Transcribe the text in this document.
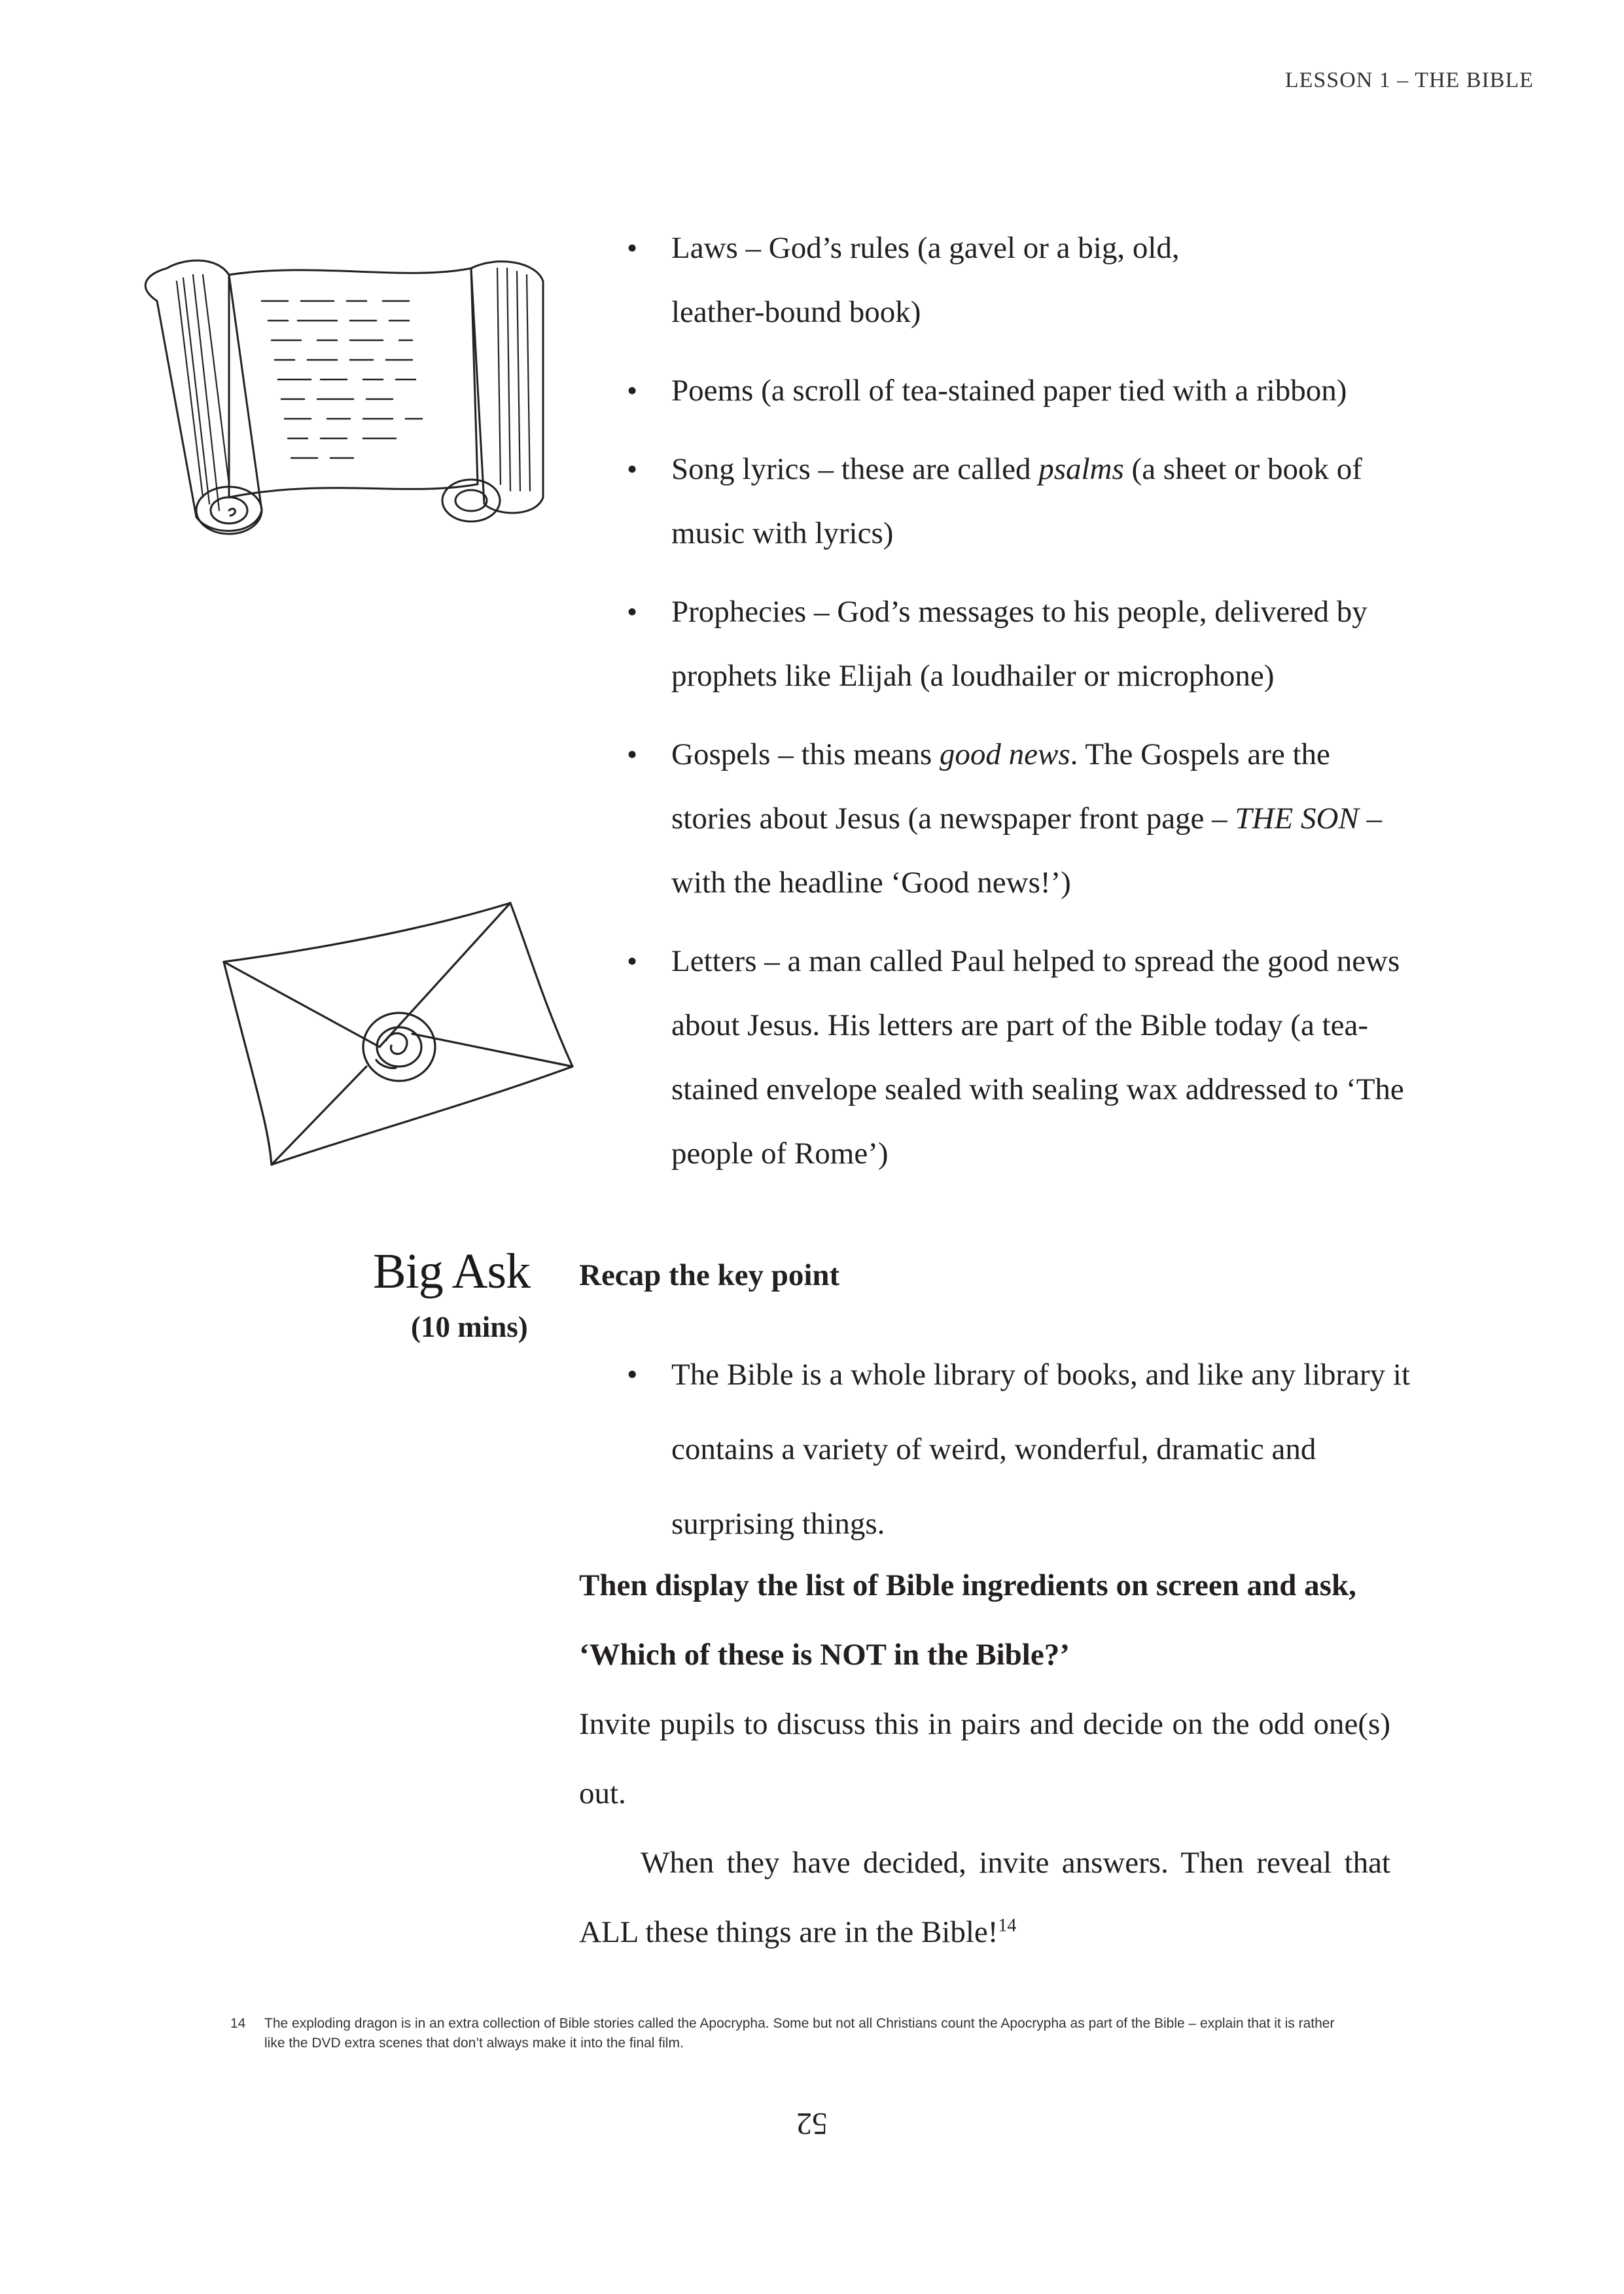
LESSON 1 – THE BIBLE
• Laws – God’s rules (a gavel or a big, old,
leather-bound book)
• Poems (a scroll of tea-stained paper tied with a ribbon)
• Song lyrics – these are called psalms (a sheet or book of music with lyrics)
• Prophecies – God’s messages to his people, delivered by prophets like Elijah (a loudhailer or microphone)
• Gospels – this means good news. The Gospels are the stories about Jesus (a newspaper front page – THE SON – with the headline ‘Good news!’)
• Letters – a man called Paul helped to spread the good news about Jesus. His letters are part of the Bible today (a tea-stained envelope sealed with sealing wax addressed to ‘The people of Rome’)
Big Ask
(10 mins)
Recap the key point
• The Bible is a whole library of books, and like any library it contains a variety of weird, wonderful, dramatic and surprising things.
Then display the list of Bible ingredients on screen and ask, ‘Which of these is NOT in the Bible?’
Invite pupils to discuss this in pairs and decide on the odd one(s) out.
When they have decided, invite answers. Then reveal that ALL these things are in the Bible!$^{14}$
14 The exploding dragon is in an extra collection of Bible stories called the Apocrypha. Some but not all Christians count the Apocrypha as part of the Bible – explain that it is rather like the DVD extra scenes that don’t always make it into the final film.
52
